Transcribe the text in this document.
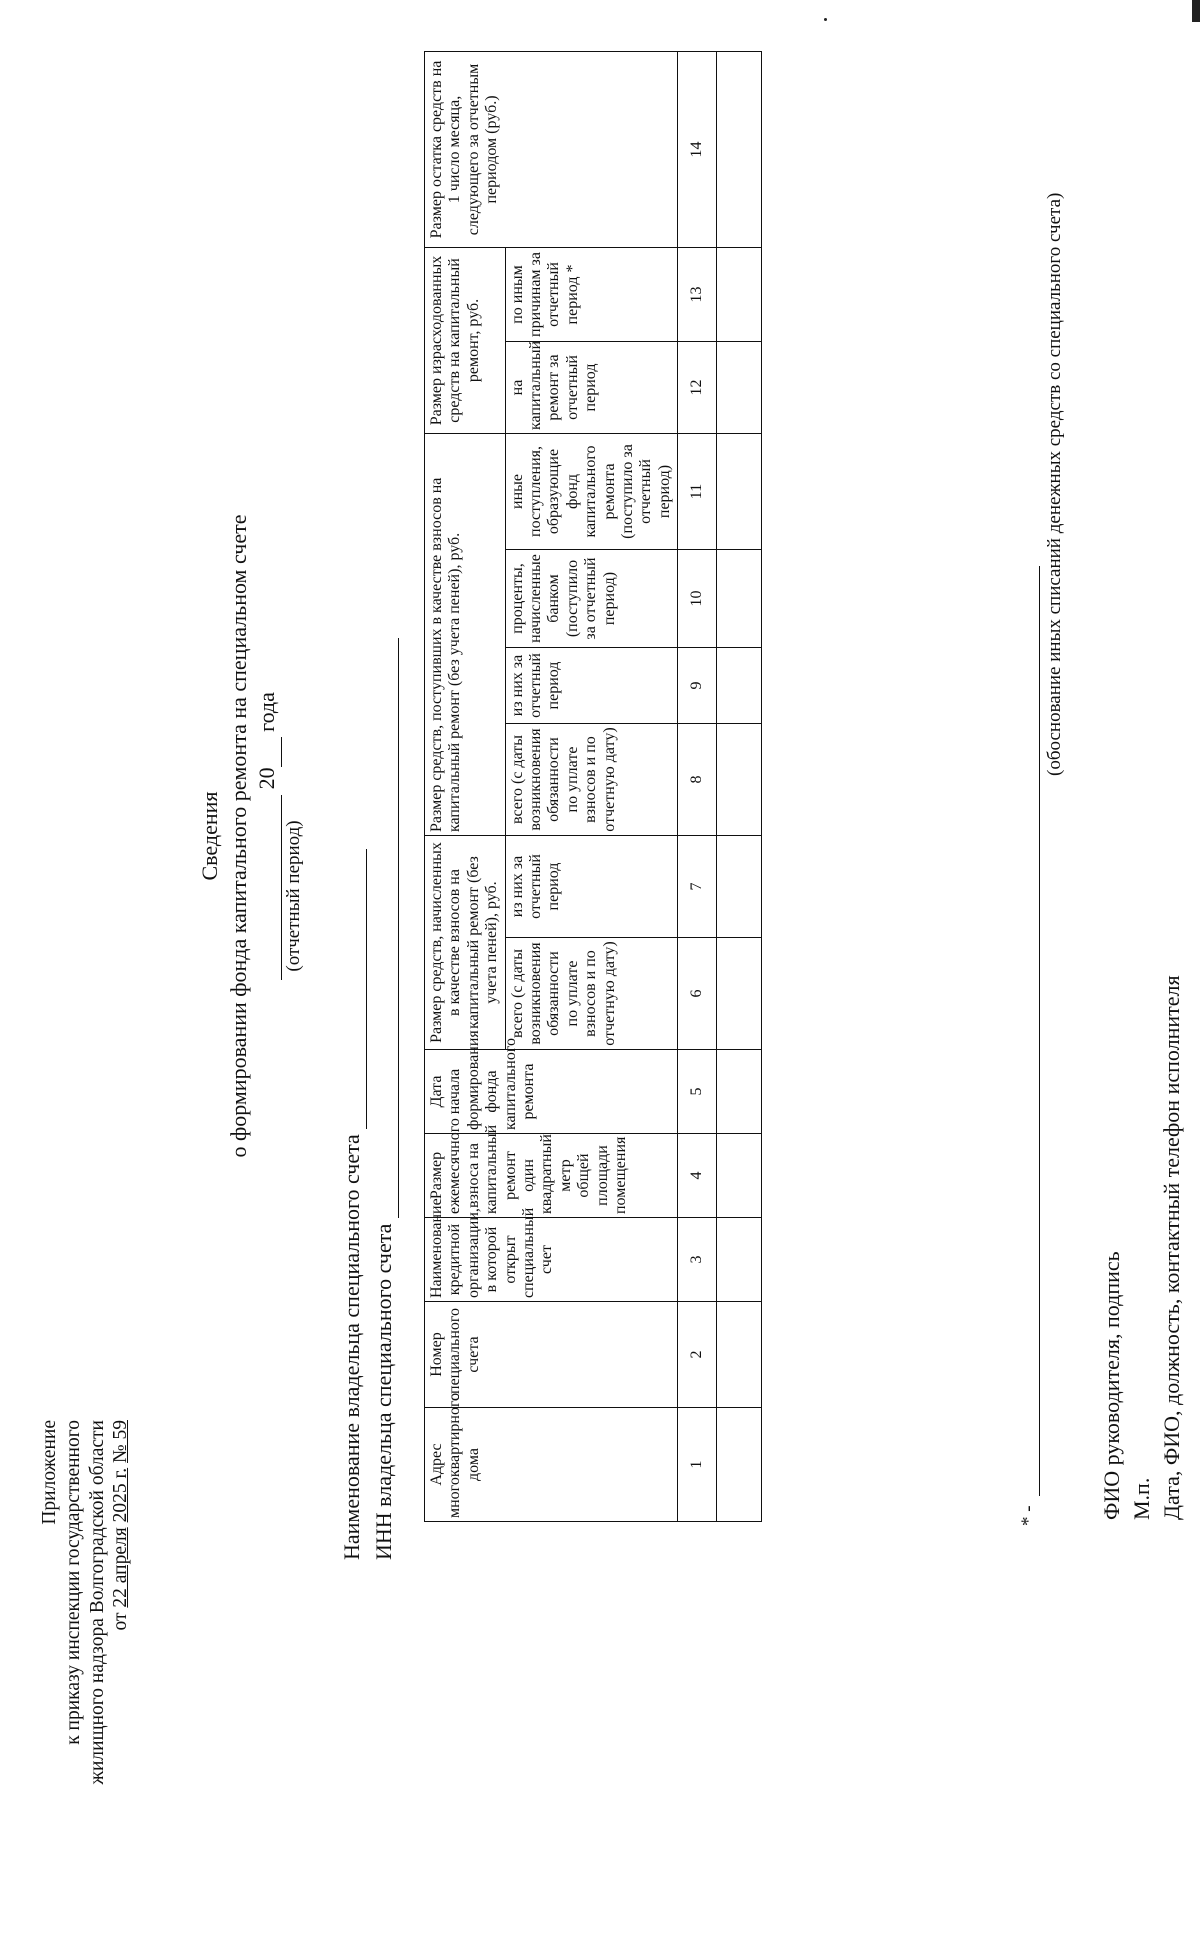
Приложение к приказу инспекции государственного жилищного надзора Волгоградской области от 22 апреля 2025 г. № 59
Сведения о формировании фонда капитального ремонта на специальном счете 20 года
(отчетный период)
Наименование владельца специального счета ИНН владельца специального счета Адрес многоквартирного дома	Номер специального счета	Наименование кредитной организации, в которой открыт специальный счет	Размер ежемесячного взноса на капитальный ремонт один квадратный метр общей площади помещения	Дата начала формирования фонда капитального ремонта	Размер средств, начисленных в качестве взносов на капитальный ремонт (без учета пеней), руб.		Размер средств, поступивших в качестве взносов на капитальный ремонт (без учета пеней), руб.				Размер израсходованных средств на капитальный ремонт, руб.		Размер остатка средств на 1 число месяца, следующего за отчетным периодом (руб.)
					всего (с даты возникновения обязанности по уплате взносов и по отчетную дату)	из них за отчетный период	всего (с даты возникновения обязанности по уплате взносов и по отчетную дату)	из них за отчетный период	проценты, начисленные банком (поступило за отчетный период)	иные поступления, образующие фонд капитального ремонта (поступило за отчетный период)	на капитальный ремонт за отчетный период	по иным причинам за отчетный период *	
1	2	3	4	5	6	7	8	9	10	11	12	13	14

* -
(обоснование иных списаний денежных средств со специального счета)
ФИО руководителя, подпись М.п. Дата, ФИО, должность, контактный телефон исполнителя
